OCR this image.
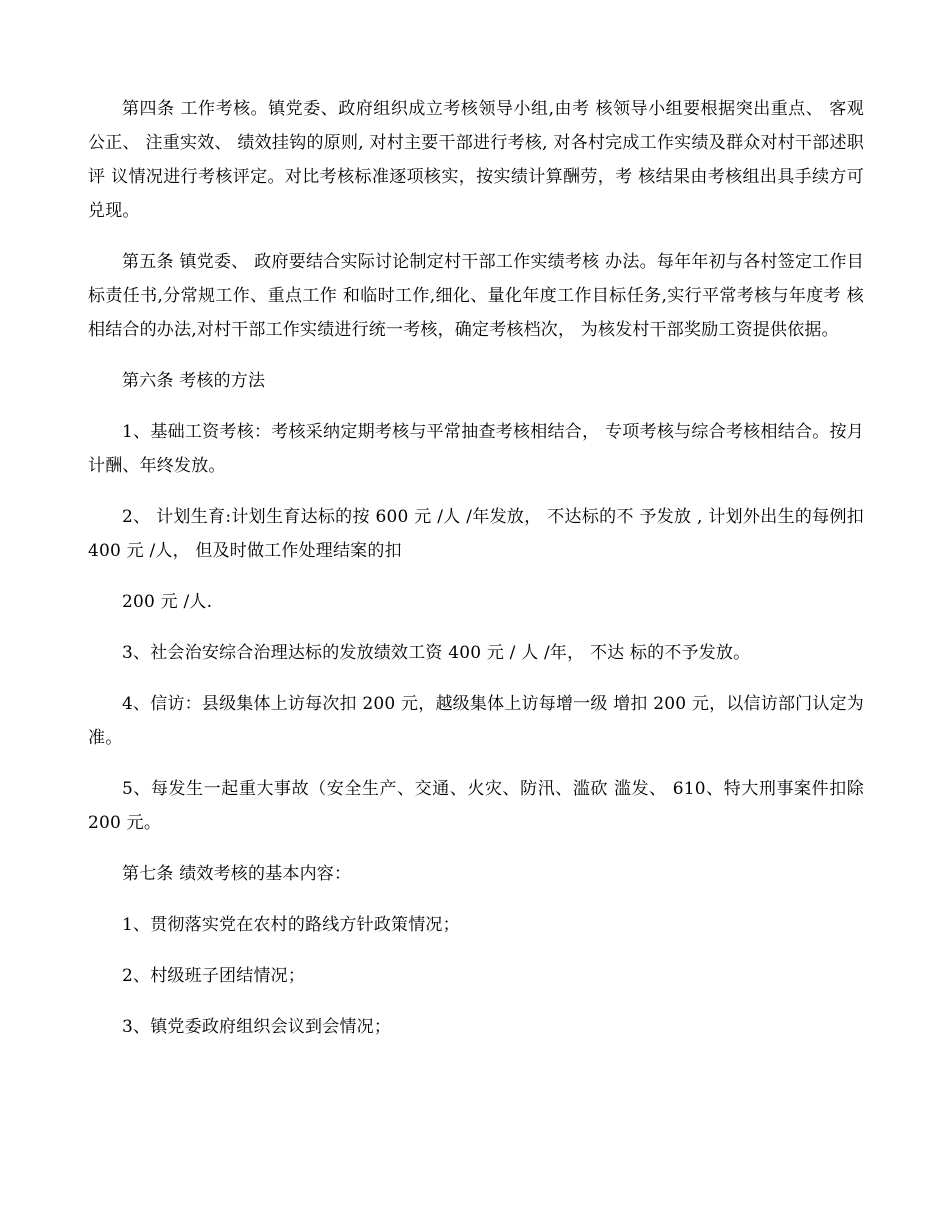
第四条 工作考核。镇党委、政府组织成立考核领导小组,由考 核领导小组要根据突出重点、 客观公正、 注重实效、 绩效挂钩的原则, 对村主要干部进行考核, 对各村完成工作实绩及群众对村干部述职评 议情况进行考核评定。对比考核标准逐项核实，按实绩计算酬劳，考 核结果由考核组出具手续方可兑现。

第五条 镇党委、 政府要结合实际讨论制定村干部工作实绩考核 办法。每年年初与各村签定工作目标责任书,分常规工作、重点工作 和临时工作,细化、量化年度工作目标任务,实行平常考核与年度考 核相结合的办法,对村干部工作实绩进行统一考核，确定考核档次， 为核发村干部奖励工资提供依据。

第六条 考核的方法

1、基础工资考核：考核采纳定期考核与平常抽查考核相结合， 专项考核与综合考核相结合。按月计酬、年终发放。

2、 计划生育:计划生育达标的按 600 元 /人 /年发放， 不达标的不 予发放 , 计划外出生的每例扣 400 元 /人， 但及时做工作处理结案的扣

200 元 /人.

3、社会治安综合治理达标的发放绩效工资 400 元 / 人 /年， 不达 标的不予发放。

4、信访：县级集体上访每次扣 200 元，越级集体上访每增一级 增扣 200 元，以信访部门认定为准。

5、每发生一起重大事故（安全生产、交通、火灾、防汛、滥砍 滥发、 610、特大刑事案件扣除 200 元。

第七条 绩效考核的基本内容：

1、贯彻落实党在农村的路线方针政策情况；

2、村级班子团结情况；

3、镇党委政府组织会议到会情况；
